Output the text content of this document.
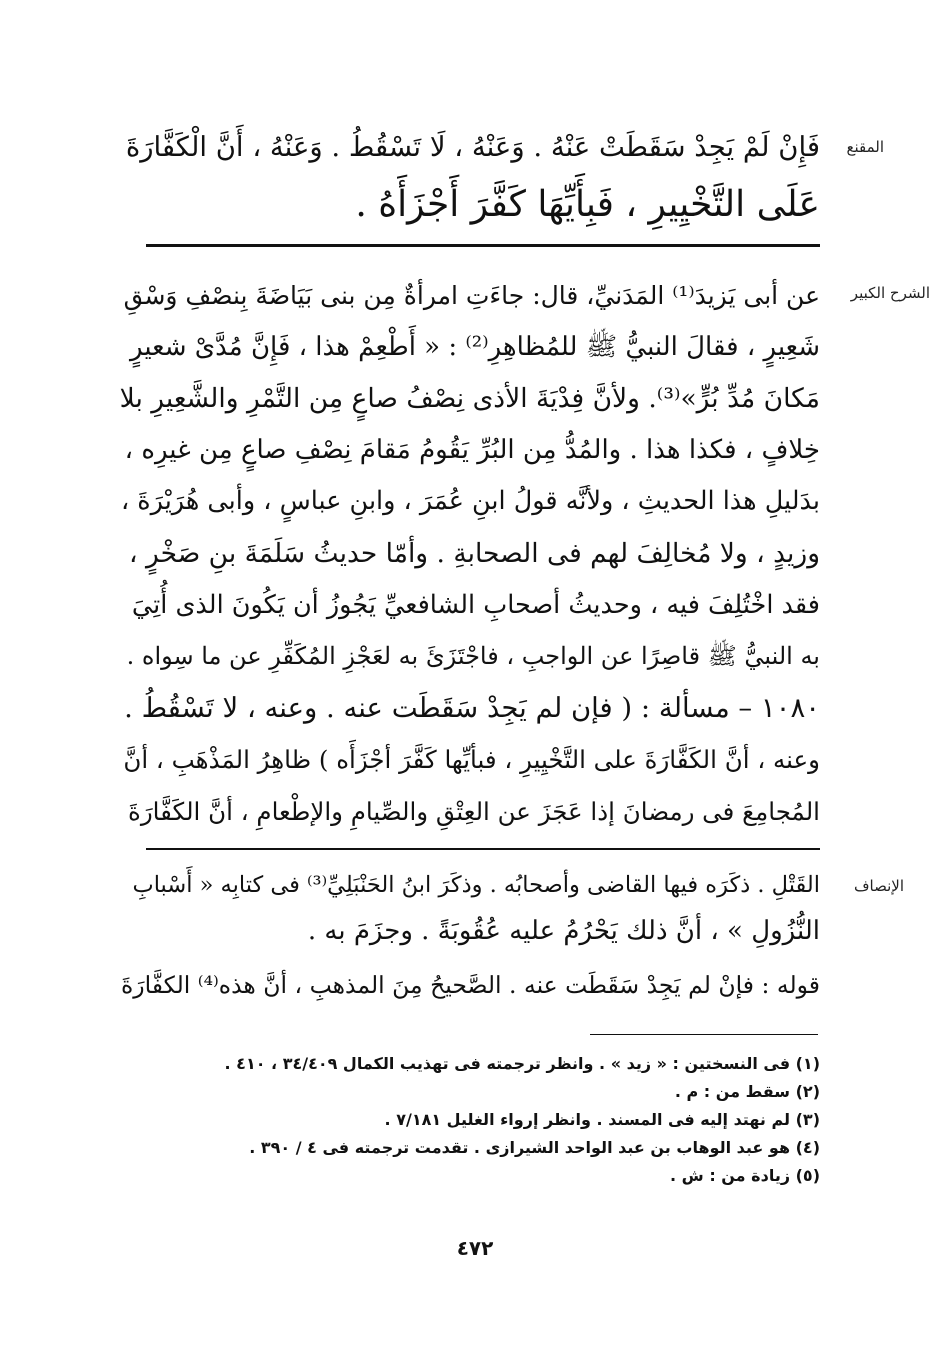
المقنع
فَإِنْ لَمْ يَجِدْ سَقَطَتْ عَنْهُ . وَعَنْهُ ، لَا تَسْقُطُ . وَعَنْهُ ، أَنَّ الْكَفَّارَةَ
عَلَى التَّخْيِيرِ ، فَبِأَيِّهَا كَفَّرَ أَجْزَأَهُ .
الشرح الكبير
عن أبى يَزيدَ⁽¹⁾ المَدَنيِّ، قال: جاءَتِ امرأةٌ مِن بنى بَيَاضَةَ بِنصْفِ وَسْقِ
شَعِيرٍ ، فقالَ النبيُّ ﷺ للمُظاهِرِ⁽²⁾ : « أَطْعِمْ هذا ، فَإِنَّ مُدَّىْ شعيرٍ
مَكانَ مُدِّ بُرٍّ»⁽³⁾. ولأنَّ فِدْيَةَ الأذى نِصْفُ صاعٍ مِن التَّمْرِ والشَّعِيرِ بلا
خِلافٍ ، فكذا هذا . والمُدُّ مِن البُرِّ يَقُومُ مَقامَ نِصْفِ صاعٍ مِن غيرِه ،
بدَليلِ هذا الحديثِ ، ولأنَّه قولُ ابنِ عُمَرَ ، وابنِ عباسٍ ، وأبى هُرَيْرَةَ ،
وزيدٍ ، ولا مُخالِفَ لهم فى الصحابةِ . وأمّا حديثُ سَلَمَةَ بنِ صَخْرٍ ،
فقد اخْتُلِفَ فيه ، وحديثُ أصحابِ الشافعيِّ يَجُوزُ أن يَكُونَ الذى أُتِيَ
به النبيُّ ﷺ قاصِرًا عن الواجبِ ، فاجْتَزَئَ به لعَجْزِ المُكَفِّرِ عن ما سِواه .
١٠٨٠ – مسألة : ( فإن لم يَجِدْ سَقَطَت عنه . وعنه ، لا تَسْقُطُ .
وعنه ، أنَّ الكَفَّارَةَ على التَّخْيِيرِ ، فبأيِّها كَفَّرَ أجْزَأَه ) ظاهِرُ المَذْهَبِ ، أنَّ
المُجامِعَ فى رمضانَ إذا عَجَزَ عن العِتْقِ والصِّيامِ والإطْعامِ ، أنَّ الكَفَّارَةَ
الإنصاف
القَتْلِ . ذكَرَه فيها القاضى وأصحابُه . وذكَرَ ابنُ الحَنْبَلِيِّ⁽³⁾ فى كتابِه « أَسْبابِ
النُّزُولِ » ، أنَّ ذلك يَحْرُمُ عليه عُقُوبَةً . وجزَمَ به .
قوله : فإنْ لم يَجِدْ سَقَطَت عنه . الصَّحيحُ مِنَ المذهبِ ، أنَّ هذه⁽⁴⁾ الكفَّارَةَ
(١) فى النسختين : « زيد » . وانظر ترجمته فى تهذيب الكمال ٣٤/٤٠٩ ، ٤١٠ .
(٢) سقط من : م .
(٣) لم نهتد إليه فى المسند . وانظر إرواء الغليل ٧/١٨١ .
(٤) هو عبد الوهاب بن عبد الواحد الشيرازى . تقدمت ترجمته فى ٤ / ٣٩٠ .
(٥) زيادة من : ش .
٤٧٢
